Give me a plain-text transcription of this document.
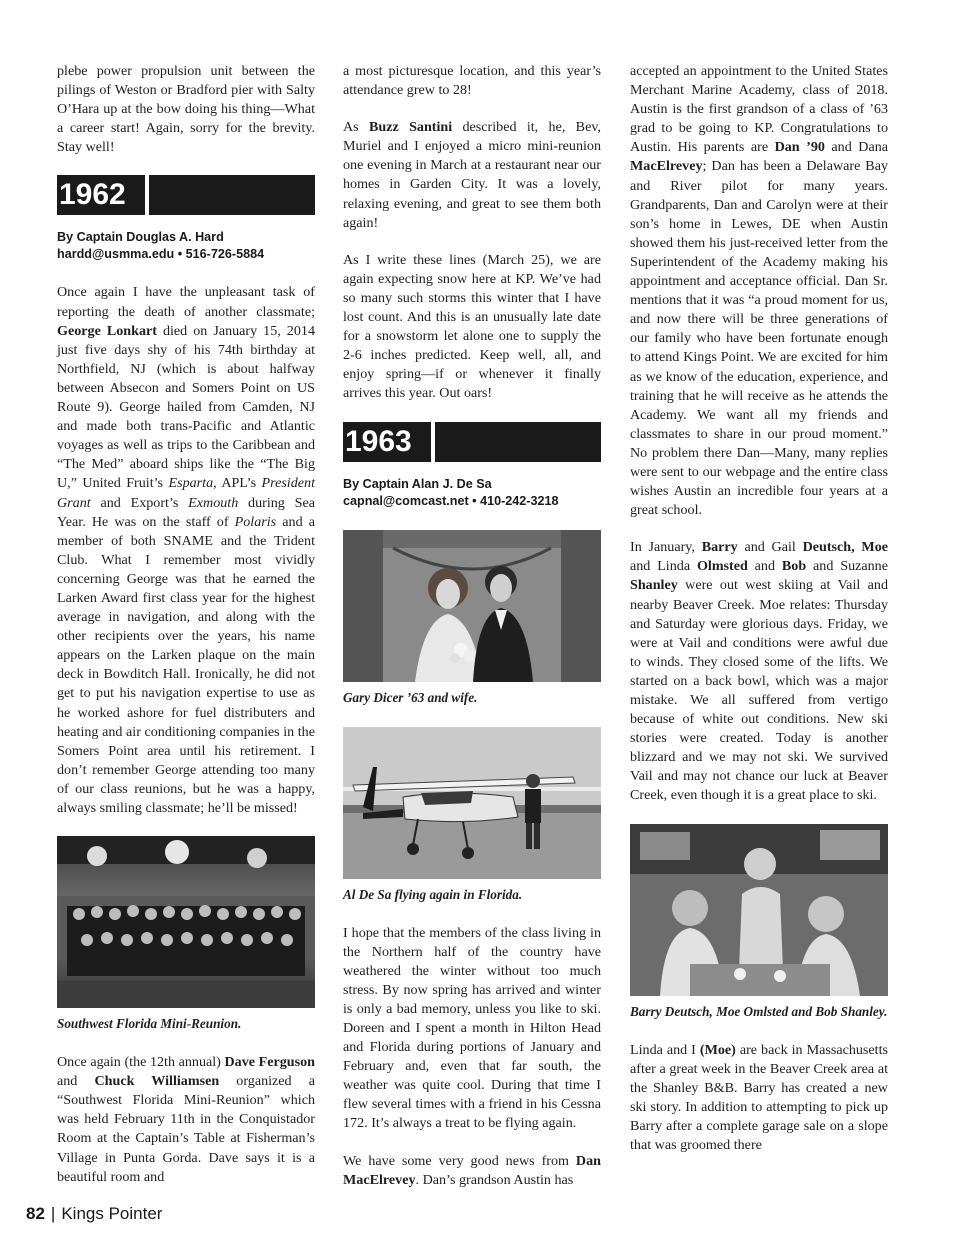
plebe power propulsion unit between the pilings of Weston or Bradford pier with Salty O’Hara up at the bow doing his thing—What a career start! Again, sorry for the brevity. Stay well!

1962
By Captain Douglas A. Hard
hardd@usmma.edu • 516-726-5884

Once again I have the unpleasant task of reporting the death of another classmate; George Lonkart died on January 15, 2014 just five days shy of his 74th birthday at Northfield, NJ (which is about halfway between Absecon and Somers Point on US Route 9). George hailed from Camden, NJ and made both trans-Pacific and Atlantic voyages as well as trips to the Caribbean and “The Med” aboard ships like the “The Big U,” United Fruit’s Esparta, APL’s President Grant and Export’s Exmouth during Sea Year. He was on the staff of Polaris and a member of both SNAME and the Trident Club. What I remember most vividly concerning George was that he earned the Larken Award first class year for the highest average in navigation, and along with the other recipients over the years, his name appears on the Larken plaque on the main deck in Bowditch Hall. Ironically, he did not get to put his navigation expertise to use as he worked ashore for fuel distributers and heating and air conditioning companies in the Somers Point area until his retirement. I don’t remember George attending too many of our class reunions, but he was a happy, always smiling classmate; he’ll be missed!

Southwest Florida Mini-Reunion.

Once again (the 12th annual) Dave Ferguson and Chuck Williamsen organized a “Southwest Florida Mini-Reunion” which was held February 11th in the Conquistador Room at the Captain’s Table at Fisherman’s Village in Punta Gorda. Dave says it is a beautiful room and

a most picturesque location, and this year’s attendance grew to 28!

As Buzz Santini described it, he, Bev, Muriel and I enjoyed a micro mini-reunion one evening in March at a restaurant near our homes in Garden City. It was a lovely, relaxing evening, and great to see them both again!

As I write these lines (March 25), we are again expecting snow here at KP. We’ve had so many such storms this winter that I have lost count. And this is an unusually late date for a snowstorm let alone one to supply the 2-6 inches predicted. Keep well, all, and enjoy spring—if or whenever it finally arrives this year. Out oars!

1963
By Captain Alan J. De Sa
capnal@comcast.net • 410-242-3218
Gary Dicer ’63 and wife.
Al De Sa flying again in Florida.

I hope that the members of the class living in the Northern half of the country have weathered the winter without too much stress. By now spring has arrived and winter is only a bad memory, unless you like to ski. Doreen and I spent a month in Hilton Head and Florida during portions of January and February and, even that far south, the weather was quite cool. During that time I flew several times with a friend in his Cessna 172. It’s always a treat to be flying again.

We have some very good news from Dan MacElrevey. Dan’s grandson Austin has

accepted an appointment to the United States Merchant Marine Academy, class of 2018. Austin is the first grandson of a class of ’63 grad to be going to KP. Congratulations to Austin. His parents are Dan ’90 and Dana MacElrevey; Dan has been a Delaware Bay and River pilot for many years. Grandparents, Dan and Carolyn were at their son’s home in Lewes, DE when Austin showed them his just-received letter from the Superintendent of the Academy making his appointment and acceptance official. Dan Sr. mentions that it was “a proud moment for us, and now there will be three generations of our family who have been fortunate enough to attend Kings Point. We are excited for him as we know of the education, experience, and training that he will receive as he attends the Academy. We want all my friends and classmates to share in our proud moment.” No problem there Dan—Many, many replies were sent to our webpage and the entire class wishes Austin an incredible four years at a great school.

In January, Barry and Gail Deutsch, Moe and Linda Olmsted and Bob and Suzanne Shanley were out west skiing at Vail and nearby Beaver Creek. Moe relates: Thursday and Saturday were glorious days. Friday, we were at Vail and conditions were awful due to winds. They closed some of the lifts. We started on a back bowl, which was a major mistake. We all suffered from vertigo because of white out conditions. New ski stories were created. Today is another blizzard and we may not ski. We survived Vail and may not chance our luck at Beaver Creek, even though it is a great place to ski.

Barry Deutsch, Moe Omlsted and Bob Shanley.

Linda and I (Moe) are back in Massachusetts after a great week in the Beaver Creek area at the Shanley B&B. Barry has created a new ski story. In addition to attempting to pick up Barry after a complete garage sale on a slope that was groomed there

82 | Kings Pointer
